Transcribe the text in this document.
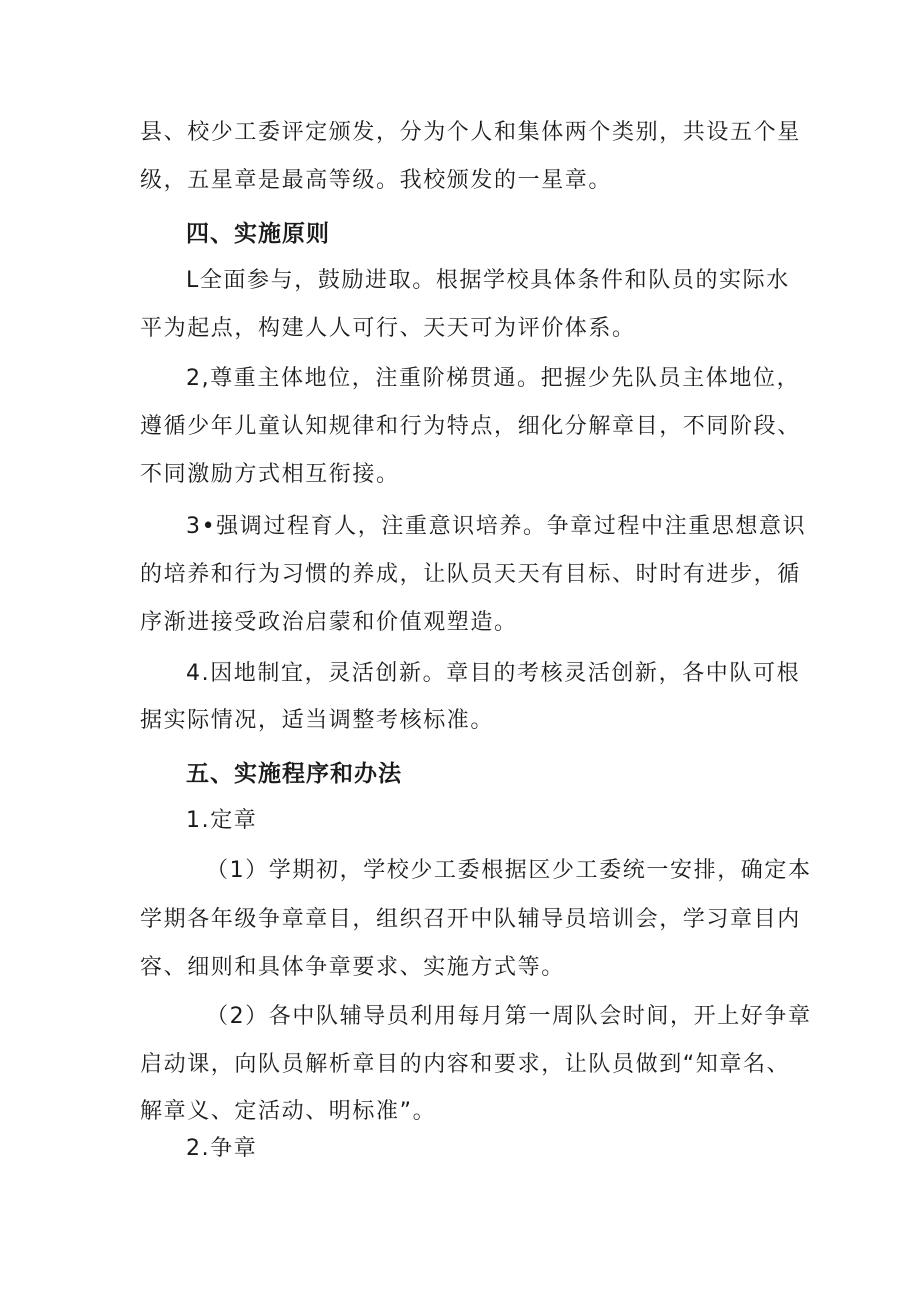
县、校少工委评定颁发，分为个人和集体两个类别，共设五个星
级，五星章是最高等级。我校颁发的一星章。
四、实施原则
L全面参与，鼓励进取。根据学校具体条件和队员的实际水
平为起点，构建人人可行、天天可为评价体系。
2,尊重主体地位，注重阶梯贯通。把握少先队员主体地位，
遵循少年儿童认知规律和行为特点，细化分解章目，不同阶段、
不同激励方式相互衔接。
3•强调过程育人，注重意识培养。争章过程中注重思想意识
的培养和行为习惯的养成，让队员天天有目标、时时有进步，循
序渐进接受政治启蒙和价值观塑造。
4.因地制宜，灵活创新。章目的考核灵活创新，各中队可根
据实际情况，适当调整考核标准。
五、实施程序和办法
1.定章
（1）学期初，学校少工委根据区少工委统一安排，确定本
学期各年级争章章目，组织召开中队辅导员培训会，学习章目内
容、细则和具体争章要求、实施方式等。
（2）各中队辅导员利用每月第一周队会时间，开上好争章
启动课，向队员解析章目的内容和要求，让队员做到“知章名、
解章义、定活动、明标准”。
2.争章
